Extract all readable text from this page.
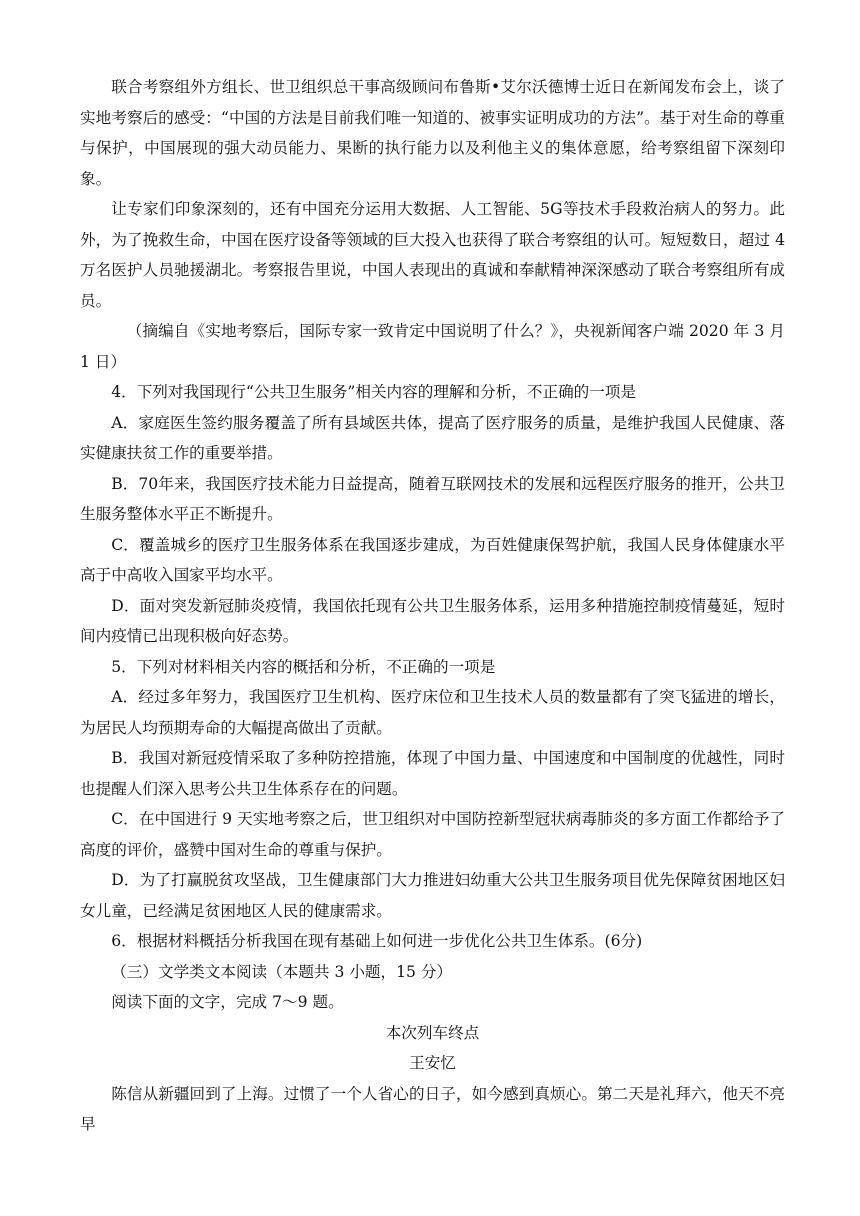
联合考察组外方组长、世卫组织总干事高级顾问布鲁斯•艾尔沃德博士近日在新闻发布会上，谈了实地考察后的感受：“中国的方法是目前我们唯一知道的、被事实证明成功的方法”。基于对生命的尊重与保护，中国展现的强大动员能力、果断的执行能力以及利他主义的集体意愿，给考察组留下深刻印象。

让专家们印象深刻的，还有中国充分运用大数据、人工智能、5G等技术手段救治病人的努力。此外，为了挽救生命，中国在医疗设备等领域的巨大投入也获得了联合考察组的认可。短短数日，超过 4万名医护人员驰援湖北。考察报告里说，中国人表现出的真诚和奉献精神深深感动了联合考察组所有成员。

（摘编自《实地考察后，国际专家一致肯定中国说明了什么？》，央视新闻客户端 2020 年 3 月 1 日）

4．下列对我国现行“公共卫生服务”相关内容的理解和分析，不正确的一项是

A．家庭医生签约服务覆盖了所有县域医共体，提高了医疗服务的质量，是维护我国人民健康、落实健康扶贫工作的重要举措。

B．70年来，我国医疗技术能力日益提高，随着互联网技术的发展和远程医疗服务的推开，公共卫生服务整体水平正不断提升。

C．覆盖城乡的医疗卫生服务体系在我国逐步建成，为百姓健康保驾护航，我国人民身体健康水平高于中高收入国家平均水平。

D．面对突发新冠肺炎疫情，我国依托现有公共卫生服务体系，运用多种措施控制疫情蔓延，短时间内疫情已出现积极向好态势。

5．下列对材料相关内容的概括和分析，不正确的一项是

A．经过多年努力，我国医疗卫生机构、医疗床位和卫生技术人员的数量都有了突飞猛进的增长，为居民人均预期寿命的大幅提高做出了贡献。

B．我国对新冠疫情采取了多种防控措施，体现了中国力量、中国速度和中国制度的优越性，同时也提醒人们深入思考公共卫生体系存在的问题。

C．在中国进行 9 天实地考察之后，世卫组织对中国防控新型冠状病毒肺炎的多方面工作都给予了高度的评价，盛赞中国对生命的尊重与保护。

D．为了打赢脱贫攻坚战，卫生健康部门大力推进妇幼重大公共卫生服务项目优先保障贫困地区妇女儿童，已经满足贫困地区人民的健康需求。

6．根据材料概括分析我国在现有基础上如何进一步优化公共卫生体系。(6分)

（三）文学类文本阅读（本题共 3 小题，15 分）

阅读下面的文字，完成 7～9 题。

本次列车终点

王安忆

陈信从新疆回到了上海。过惯了一个人省心的日子，如今感到真烦心。第二天是礼拜六，他天不亮早
